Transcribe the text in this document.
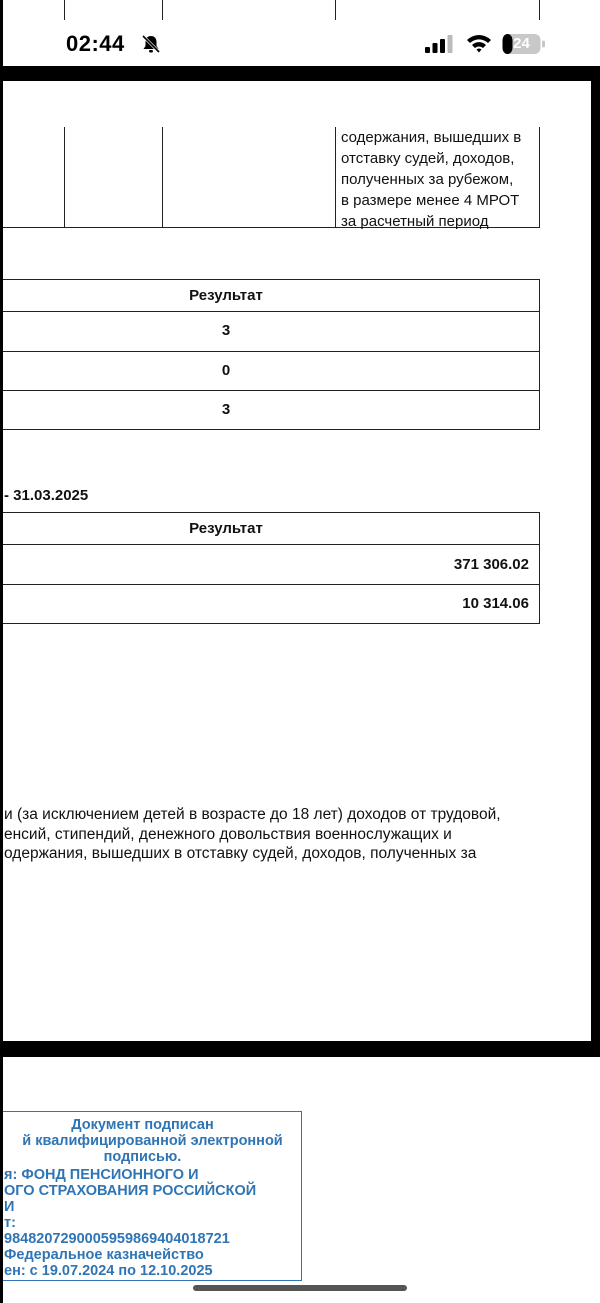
02:44	24
содержания, вышедших в
отставку судей, доходов,
полученных за рубежом,
в размере менее 4 МРОТ
за расчетный период
Результат
3
0
3
- 31.03.2025
Результат
371 306.02
10 314.06
и (за исключением детей в возрасте до 18 лет) доходов от трудовой,
енсий, стипендий, денежного довольствия военнослужащих и
одержания, вышедших в отставку судей, доходов, полученных за
Документ подписан
й квалифицированной электронной
подписью.
я: ФОНД ПЕНСИОННОГО И
ОГО СТРАХОВАНИЯ РОССИЙСКОЙ
И
т:
984820729000595986940401872​1
Федеральное казначейство
ен: с 19.07.2024 по 12.10.2025
